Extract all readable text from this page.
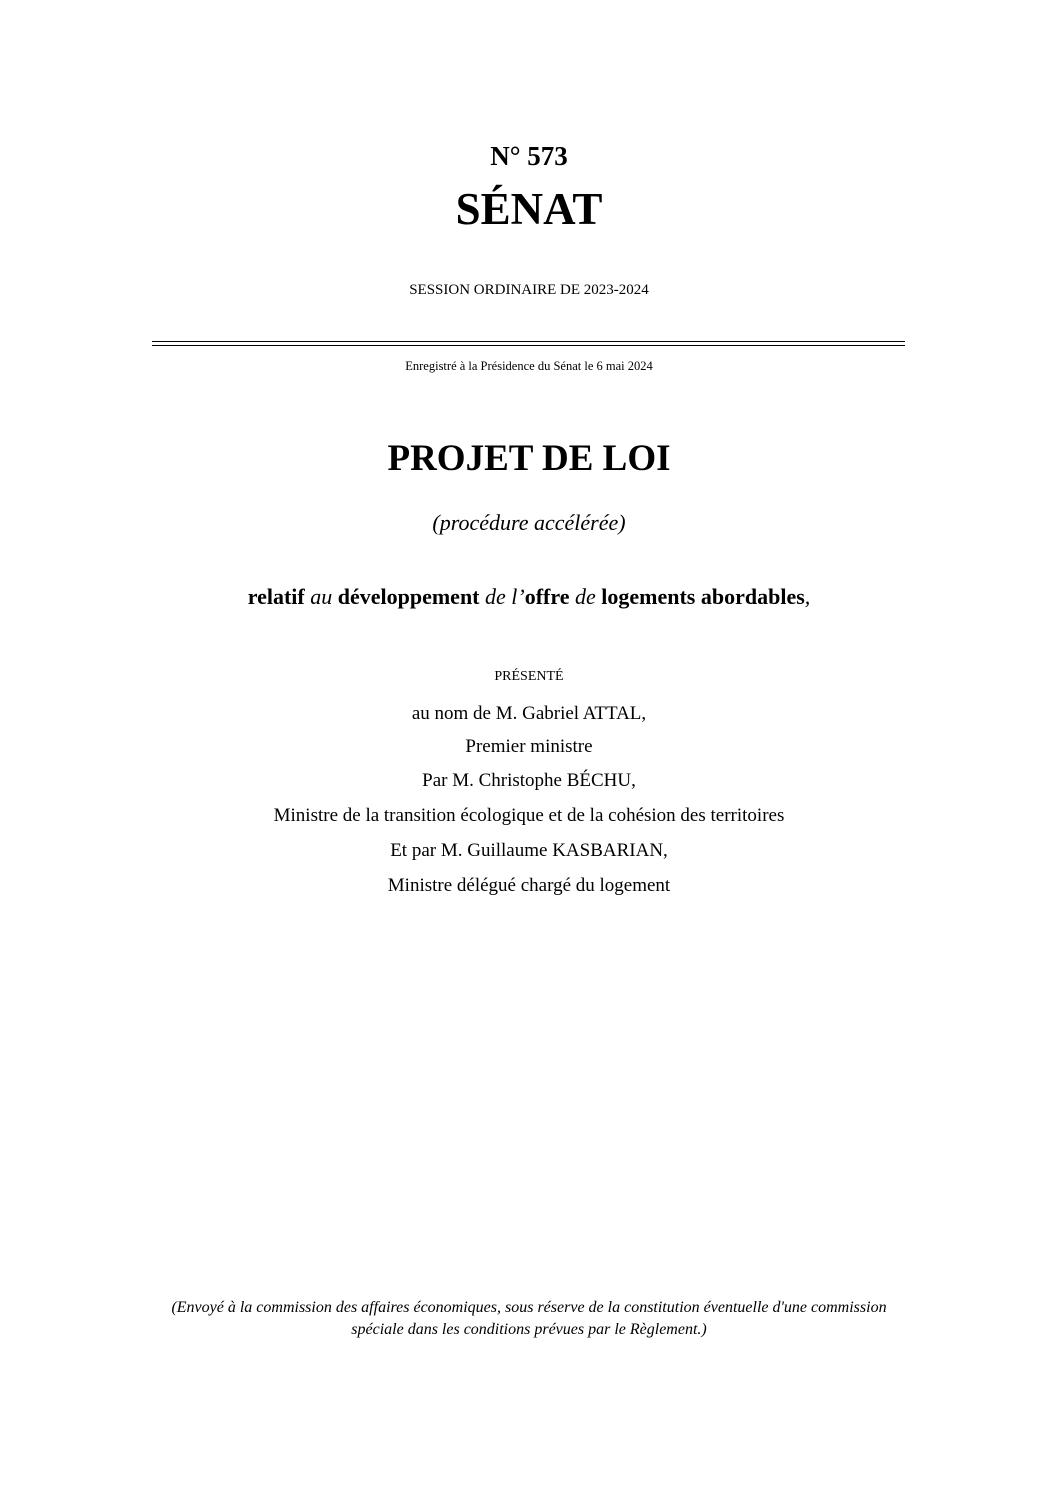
N° 573
SÉNAT
SESSION ORDINAIRE DE 2023-2024
Enregistré à la Présidence du Sénat le 6 mai 2024
PROJET DE LOI
(procédure accélérée)
relatif au développement de l’offre de logements abordables,
PRÉSENTÉ
au nom de M. Gabriel ATTAL,
Premier ministre
Par M. Christophe BÉCHU,
Ministre de la transition écologique et de la cohésion des territoires
Et par M. Guillaume KASBARIAN,
Ministre délégué chargé du logement
(Envoyé à la commission des affaires économiques, sous réserve de la constitution éventuelle d'une commission
spéciale dans les conditions prévues par le Règlement.)
